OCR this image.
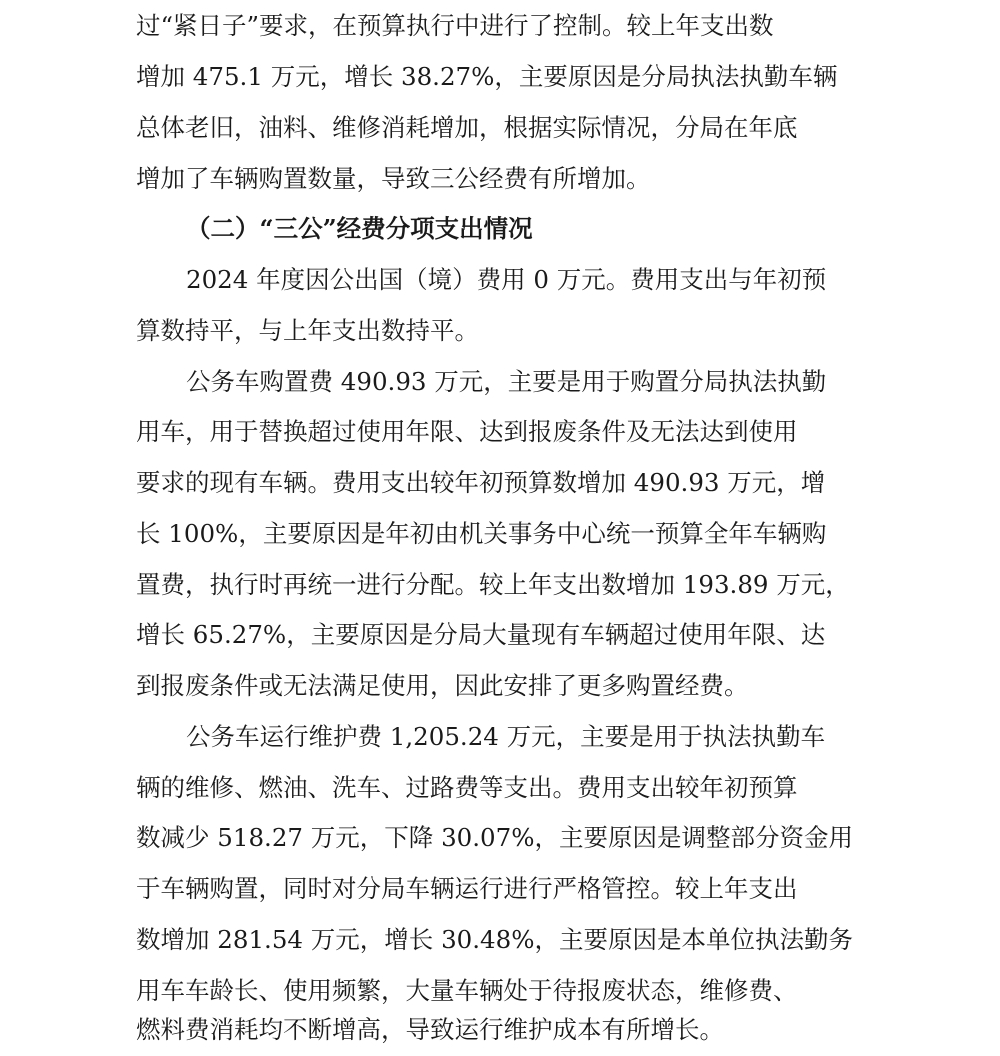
过“紧日子”要求，在预算执行中进行了控制。较上年支出数
增加 475.1 万元，增长 38.27%，主要原因是分局执法执勤车辆
总体老旧，油料、维修消耗增加，根据实际情况，分局在年底
增加了车辆购置数量，导致三公经费有所增加。
（二）“三公”经费分项支出情况
2024 年度因公出国（境）费用 0 万元。费用支出与年初预
算数持平，与上年支出数持平。
公务车购置费 490.93 万元，主要是用于购置分局执法执勤
用车，用于替换超过使用年限、达到报废条件及无法达到使用
要求的现有车辆。费用支出较年初预算数增加 490.93 万元，增
长 100%，主要原因是年初由机关事务中心统一预算全年车辆购
置费，执行时再统一进行分配。较上年支出数增加 193.89 万元，
增长 65.27%，主要原因是分局大量现有车辆超过使用年限、达
到报废条件或无法满足使用，因此安排了更多购置经费。
公务车运行维护费 1,205.24 万元，主要是用于执法执勤车
辆的维修、燃油、洗车、过路费等支出。费用支出较年初预算
数减少 518.27 万元，下降 30.07%，主要原因是调整部分资金用
于车辆购置，同时对分局车辆运行进行严格管控。较上年支出
数增加 281.54 万元，增长 30.48%，主要原因是本单位执法勤务
用车车龄长、使用频繁，大量车辆处于待报废状态，维修费、
燃料费消耗均不断增高，导致运行维护成本有所增长。
